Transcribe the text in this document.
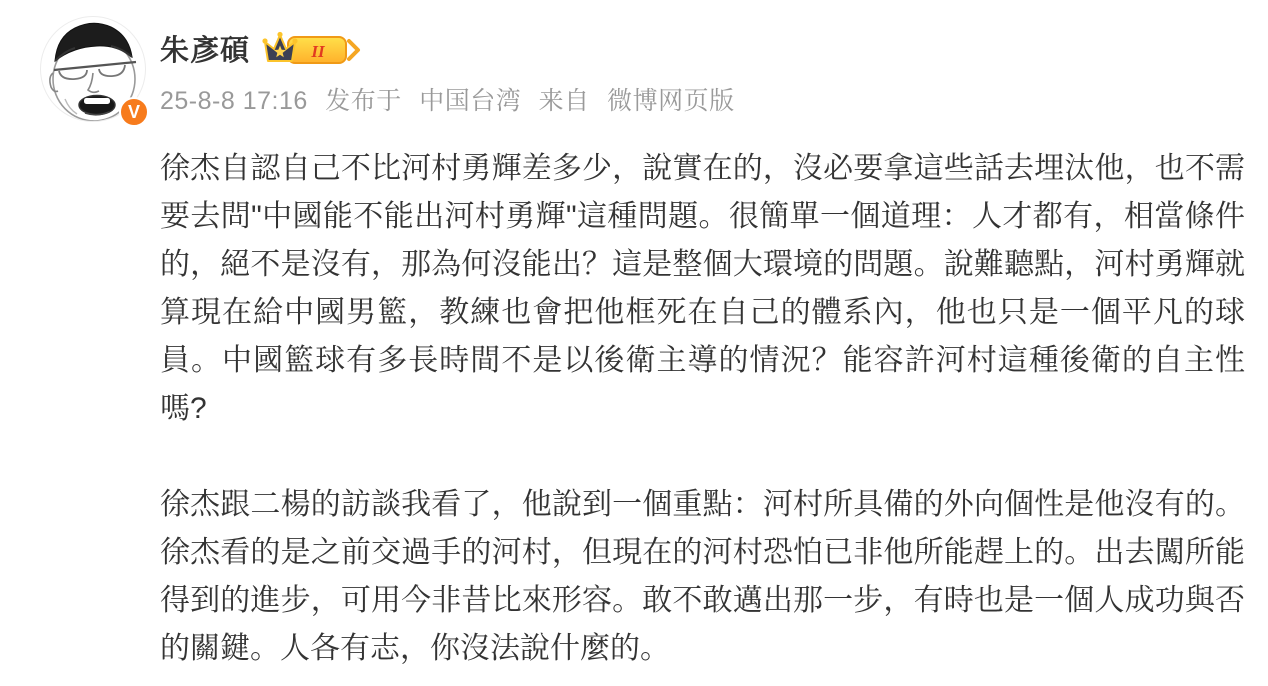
V
朱彥碩	II
25-8-8 17:16 发布于 中国台湾 来自 微博网页版
徐杰自認自己不比河村勇輝差多少，說實在的，沒必要拿這些話去埋汰他，也不需要去問"中國能不能出河村勇輝"這種問題。很簡單一個道理：人才都有，相當條件的，絕不是沒有，那為何沒能出？這是整個大環境的問題。說難聽點，河村勇輝就算現在給中國男籃，教練也會把他框死在自己的體系內，他也只是一個平凡的球員。中國籃球有多長時間不是以後衛主導的情況？能容許河村這種後衛的自主性嗎?
徐杰跟二楊的訪談我看了，他說到一個重點：河村所具備的外向個性是他沒有的。徐杰看的是之前交過手的河村，但現在的河村恐怕已非他所能趕上的。出去闖所能得到的進步，可用今非昔比來形容。敢不敢邁出那一步，有時也是一個人成功與否的關鍵。人各有志，你沒法說什麼的。
